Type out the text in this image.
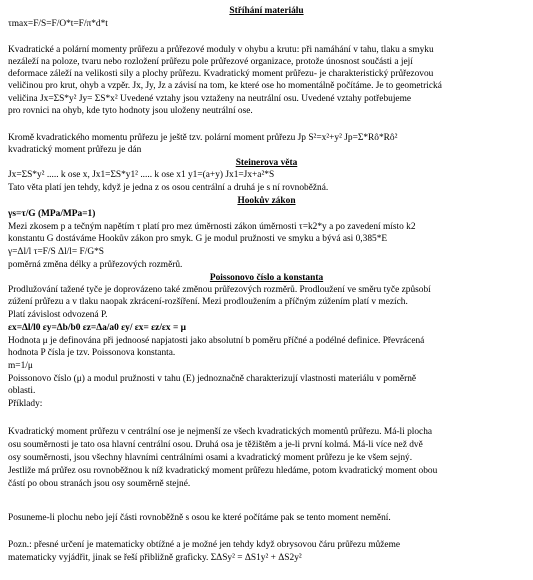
Stříhání materiálu
τmax=F/S=F/O*t=F/π*d*t
Kvadratické a polární momenty průřezu a průřezové moduly v ohybu a krutu: při namáhání v tahu, tlaku a smyku
nezáleží na poloze, tvaru nebo rozložení průřezu pole průřezové organizace, protože únosnost součásti a její
deformace záleží na velikosti sily a plochy průřezu. Kvadratický moment průřezu- je charakteristický průřezovou
veličinou pro krut, ohyb a vzpěr. Jx, Jy, Jz a závisí na tom, ke které ose ho momentálně počítáme. Je to geometrická
veličina Jx=ΣS*y² Jy= ΣS*x² Uvedené vztahy jsou vztaženy na neutrální osu. Uvedené vztahy potřebujeme
pro rovnici na ohyb, kde tyto hodnoty jsou uloženy neutrální ose.
Kromě kvadratického momentu průřezu je ještě tzv. polární moment průřezu Jp S²=x²+y² Jp=Σ*Rô*Rô²
kvadratický moment průřezu je dán
Steinerova věta
Jx=ΣS*y² ..... k ose x, Jx1=ΣS*y1² ..... k ose x1 y1=(a+y) Jx1=Jx+a²*S
Tato věta platí jen tehdy, když je jedna z os osou centrální a druhá je s ní rovnoběžná.
Hookův zákon
γs=τ/G (MPa/MPa=1)
Mezi zkosem p a tečným napětím τ platí pro mez úměrnosti zákon úměrnosti τ=k2*y a po zavedení místo k2
konstantu G dostáváme Hookův zákon pro smyk. G je modul pružnosti ve smyku a bývá asi 0,385*E
γ=Δl/l τ=F/S Δl/l= F/G*S
poměrná změna délky a průřezových rozměrů.
Poissonovo číslo a konstanta
Prodlužování tažené tyče je doprovázeno také změnou průřezových rozměrů. Prodloužení ve směru tyče způsobí
zúžení průřezu a v tlaku naopak zkrácení-rozšíření. Mezi prodloužením a příčným zúžením platí v mezích.
Platí závislost odvozená P.
εx=Δl/l0 εy=Δb/b0 εz=Δa/a0 εy/ εx= εz/εx = μ
Hodnota μ je definována při jednoosé napjatosti jako absolutní b poměru příčné a podélné definice. Převrácená
hodnota P čísla je tzv. Poissonova konstanta.
m=1/μ
Poissonovo číslo (μ) a modul pružnosti v tahu (E) jednoznačně charakterizují vlastnosti materiálu v poměrně
oblasti.
Příklady:
Kvadratický moment průřezu v centrální ose je nejmenší ze všech kvadratických momentů průřezu. Má-li plocha
osu souměrnosti je tato osa hlavní centrální osou. Druhá osa je těžištěm a je-li první kolmá. Má-li více než dvě
osy souměrnosti, jsou všechny hlavními centrálními osami a kvadratický moment průřezu je ke všem sejný.
Jestliže má průřez osu rovnoběžnou k níž kvadratický moment průřezu hledáme, potom kvadratický moment obou
částí po obou stranách jsou osy souměrně stejné.
Posuneme-li plochu nebo její části rovnoběžně s osou ke které počítáme pak se tento moment nemění.
Pozn.: přesné určení je matematicky obtížné a je možné jen tehdy když obrysovou čáru průřezu můžeme
matematicky vyjádřit, jinak se řeší přibližně graficky. ΣΔSy² = ΔS1y² + ΔS2y²
